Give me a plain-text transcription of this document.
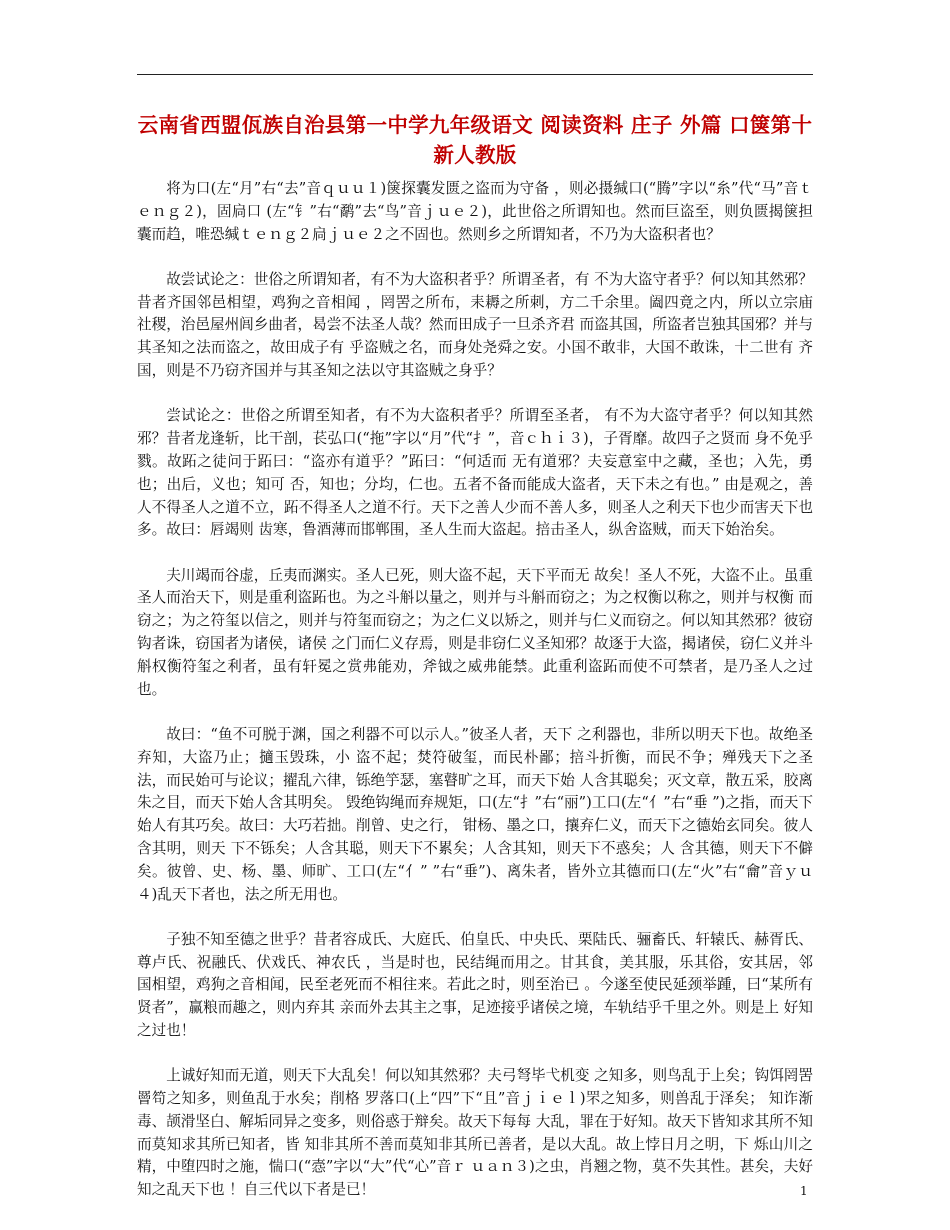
云南省西盟佤族自治县第一中学九年级语文 阅读资料 庄子 外篇 口箧第十 新人教版

将为口(左“月”右“去”音ｑｕｕ１)箧探囊发匮之盗而为守备 ，则必摄缄口(“腾”字以“糸”代“马”音ｔｅｎｇ２)，固扃口 (左“钅”右“鹬”去“鸟”音ｊｕｅ２)，此世俗之所谓知也。然而巨盗至，则负匮揭箧担囊而趋，唯恐缄ｔｅｎｇ２扃ｊｕｅ２之不固也。然则乡之所谓知者，不乃为大盗积者也？

故尝试论之：世俗之所谓知者，有不为大盗积者乎？所谓圣者，有 不为大盗守者乎？何以知其然邪？昔者齐国邻邑相望，鸡狗之音相闻 ，罔罟之所布，耒耨之所刺，方二千余里。阖四竟之内，所以立宗庙 社稷，治邑屋州闾乡曲者，曷尝不法圣人哉？然而田成子一旦杀齐君 而盗其国，所盗者岂独其国邪？并与其圣知之法而盗之，故田成子有 乎盗贼之名，而身处尧舜之安。小国不敢非，大国不敢诛，十二世有 齐国，则是不乃窃齐国并与其圣知之法以守其盗贼之身乎？

尝试论之：世俗之所谓至知者，有不为大盗积者乎？所谓至圣者， 有不为大盗守者乎？何以知其然邪？昔者龙逢斩，比干剖，苌弘口(“拖”字以“月”代“扌”，音ｃｈｉ３)，子胥靡。故四子之贤而 身不免乎戮。故跖之徒问于跖曰：“盗亦有道乎？”跖曰：“何适而 无有道邪？夫妄意室中之藏，圣也；入先，勇也；出后，义也；知可 否，知也；分均，仁也。五者不备而能成大盗者，天下未之有也。” 由是观之，善人不得圣人之道不立，跖不得圣人之道不行。天下之善人少而不善人多，则圣人之利天下也少而害天下也多。故曰：唇竭则 齿寒，鲁酒薄而邯郸围，圣人生而大盗起。掊击圣人，纵舍盗贼，而天下始治矣。

夫川竭而谷虚，丘夷而渊实。圣人已死，则大盗不起，天下平而无 故矣！圣人不死，大盗不止。虽重圣人而治天下，则是重利盗跖也。为之斗斛以量之，则并与斗斛而窃之；为之权衡以称之，则并与权衡 而窃之；为之符玺以信之，则并与符玺而窃之；为之仁义以矫之，则并与仁义而窃之。何以知其然邪？彼窃钩者诛，窃国者为诸侯，诸侯 之门而仁义存焉，则是非窃仁义圣知邪？故逐于大盗，揭诸侯，窃仁义并斗斛权衡符玺之利者，虽有轩冕之赏弗能劝，斧钺之威弗能禁。此重利盗跖而使不可禁者，是乃圣人之过也。

故曰：“鱼不可脱于渊，国之利器不可以示人。”彼圣人者，天下 之利器也，非所以明天下也。故绝圣弃知，大盗乃止；擿玉毁珠，小 盗不起；焚符破玺，而民朴鄙；掊斗折衡，而民不争；殚残天下之圣 法，而民始可与论议；擢乱六律，铄绝竽瑟，塞瞽旷之耳，而天下始 人含其聪矣；灭文章，散五采，胶离朱之目，而天下始人含其明矣。 毁绝钩绳而弃规矩，口(左“扌”右“丽”)工口(左“亻”右“垂 ”)之指，而天下始人有其巧矣。故曰：大巧若拙。削曾、史之行， 钳杨、墨之口，攘弃仁义，而天下之德始玄同矣。彼人含其明，则天 下不铄矣；人含其聪，则天下不累矣；人含其知，则天下不惑矣；人 含其德，则天下不僻矣。彼曾、史、杨、墨、师旷、工口(左“亻” ”右“垂”)、离朱者，皆外立其德而口(左“火”右“龠”音ｙｕ ４)乱天下者也，法之所无用也。

子独不知至德之世乎？昔者容成氏、大庭氏、伯皇氏、中央氏、栗陆氏、骊畜氏、轩辕氏、赫胥氏、尊卢氏、祝融氏、伏戏氏、神农氏 ，当是时也，民结绳而用之。甘其食，美其服，乐其俗，安其居，邻 国相望，鸡狗之音相闻，民至老死而不相往来。若此之时，则至治已 。今遂至使民延颈举踵，曰“某所有贤者”，赢粮而趣之，则内弃其 亲而外去其主之事，足迹接乎诸侯之境，车轨结乎千里之外。则是上 好知之过也！

上诚好知而无道，则天下大乱矣！何以知其然邪？夫弓弩毕弋机变 之知多，则鸟乱于上矣；钩饵罔罟罾笱之知多，则鱼乱于水矣；削格 罗落口(上“四”下“且”音ｊｉｅｌ)罘之知多，则兽乱于泽矣； 知诈渐毒、颉滑坚白、解垢同异之变多，则俗惑于辩矣。故天下每每 大乱，罪在于好知。故天下皆知求其所不知而莫知求其所已知者，皆 知非其所不善而莫知非其所已善者，是以大乱。故上悖日月之明，下 烁山川之精，中堕四时之施，惴口(“悫”字以“大”代“心”音ｒ ｕａｎ３)之虫，肖翘之物，莫不失其性。甚矣，夫好知之乱天下也 ！自三代以下者是已！	1
